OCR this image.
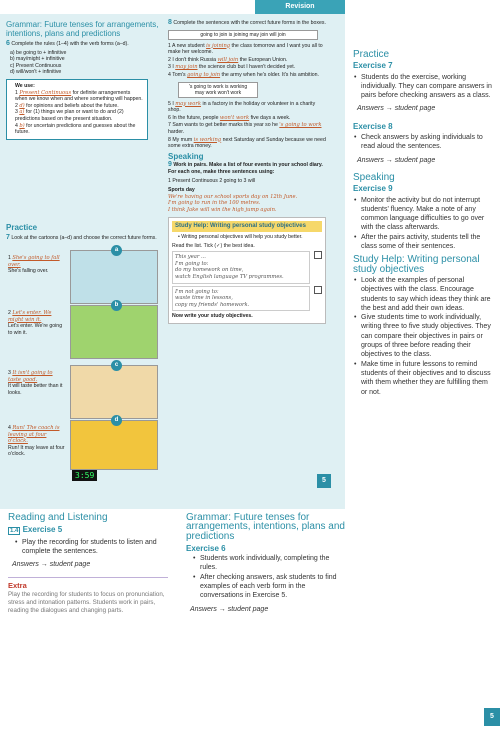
Revision
Grammar: Future tenses for arrangements, intentions, plans and predictions
6 Complete the rules (1–4) with the verb forms (a–d).
a) be going to + infinitive
b) may/might + infinitive
c) Present Continuous
d) will/won't + infinitive
We use:
1 Present Continuous for definite arrangements when we know when and where something will happen.
2 d) for opinions and beliefs about the future.
3 a) for (1) things we plan or want to do and (2) predictions based on the present situation.
4 b) for uncertain predictions and guesses about the future.
Practice
7 Look at the cartoons (a–d) and choose the correct future forms.
1 She's going to fall over.
She's falling over.
a
2 Let's enter. We might win it.
Let's enter. We're going to win it.
b
3 It isn't going to taste good.
It will taste better than it looks.
c
4 Run! The coach is leaving at four o'clock.
Run! It may leave at four o'clock.
d
3:59
8 Complete the sentences with the correct future forms in the boxes.
going to join is joining may join will join
1 A new student is joining the class tomorrow and I want you all to make her welcome.
2 I don't think Russia will join the European Union.
3 I may join the science club but I haven't decided yet.
4 Tom's going to join the army when he's older. It's his ambition.
's going to work is working
may work won't work
5 I may work in a factory in the holiday or volunteer in a charity shop.
6 In the future, people won't work five days a week.
7 Sam wants to get better marks this year so he 's going to work harder.
8 My mum is working next Saturday and Sunday because we need some extra money.
Speaking
9 Work in pairs. Make a list of four events in your school diary. For each one, make three sentences using:
1 Present Continuous 2 going to 3 will
Sports day
We're having our school sports day on 12th June.
I'm going to run in the 100 metres.
I think Jake will win the high jump again.
Study Help: Writing personal study objectives
• Writing personal objectives will help you study better.
Read the list. Tick (✓) the best idea.
This year ...
I'm going to:
do my homework on time,
watch English language TV programmes.
I'm not going to:
waste time in lessons,
copy my friends' homework.
Now write your study objectives.
5
Practice
Exercise 7
• Students do the exercise, working individually. They can compare answers in pairs before checking answers as a class.
Answers → student page
Exercise 8
• Check answers by asking individuals to read aloud the sentences.
Answers → student page
Speaking
Exercise 9
• Monitor the activity but do not interrupt students' fluency. Make a note of any common language difficulties to go over with the class afterwards.
• After the pairs activity, students tell the class some of their sentences.
Study Help: Writing personal study objectives
• Look at the examples of personal objectives with the class. Encourage students to say which ideas they think are the best and add their own ideas.
• Give students time to work individually, writing three to five study objectives. They can compare their objectives in pairs or groups of three before reading their objectives to the class.
• Make time in future lessons to remind students of their objectives and to discuss with them whether they are fulfilling them or not.
Reading and Listening
1.4 Exercise 5
• Play the recording for students to listen and complete the sentences.
Answers → student page
Extra
Play the recording for students to focus on pronunciation, stress and intonation patterns. Students work in pairs, reading the dialogues and changing parts.
Grammar: Future tenses for arrangements, intentions, plans and predictions
Exercise 6
• Students work individually, completing the rules.
• After checking answers, ask students to find examples of each verb form in the conversations in Exercise 5.
Answers → student page
5
